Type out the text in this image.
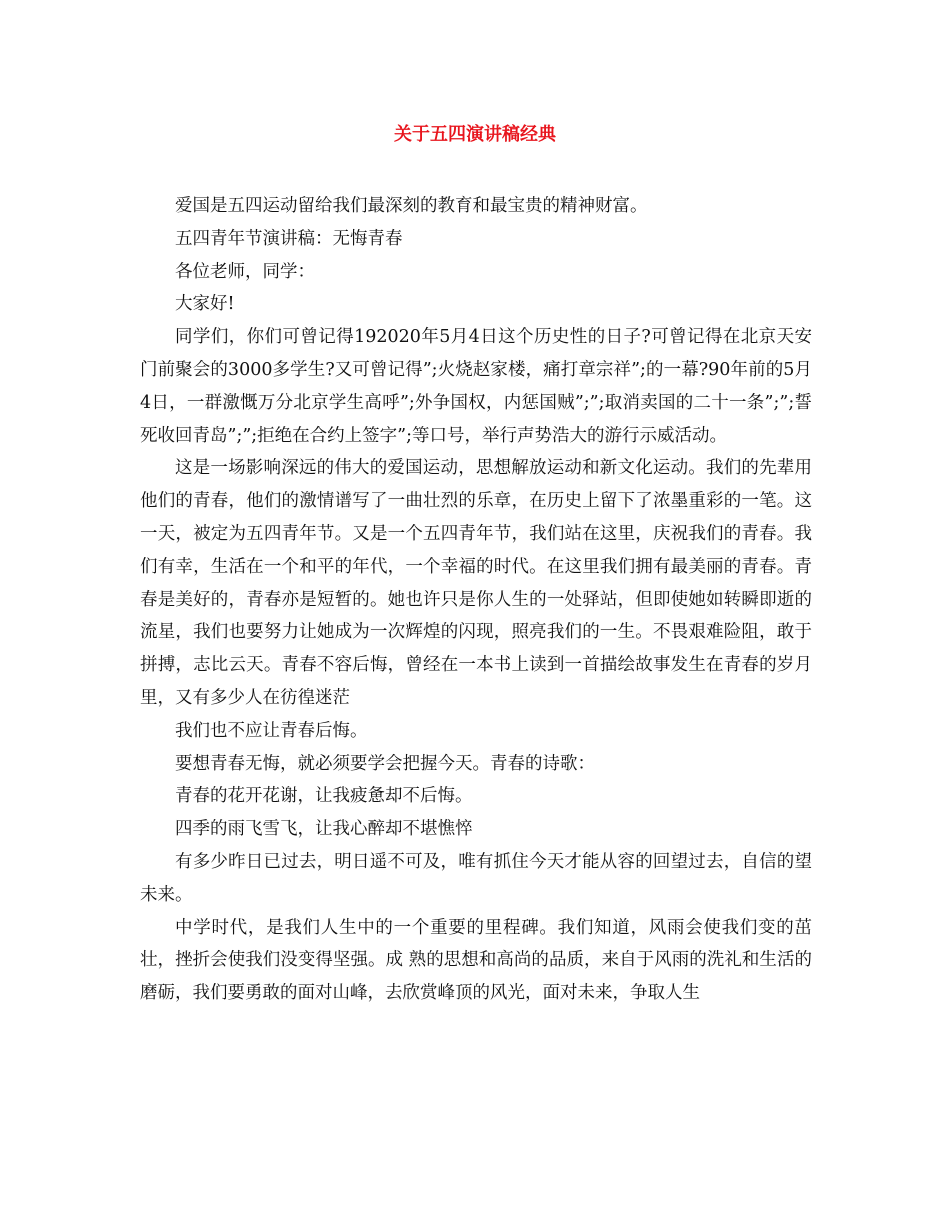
关于五四演讲稿经典

爱国是五四运动留给我们最深刻的教育和最宝贵的精神财富。

五四青年节演讲稿：无悔青春

各位老师，同学：

大家好!

同学们，你们可曾记得192020年5月4日这个历史性的日子?可曾记得在北京天安门前聚会的3000多学生?又可曾记得”;火烧赵家楼，痛打章宗祥”;的一幕?90年前的5月4日，一群激慨万分北京学生高呼”;外争国权，内惩国贼”;”;取消卖国的二十一条”;”;誓死收回青岛”;”;拒绝在合约上签字”;等口号，举行声势浩大的游行示威活动。

这是一场影响深远的伟大的爱国运动，思想解放运动和新文化运动。我们的先辈用他们的青春，他们的激情谱写了一曲壮烈的乐章，在历史上留下了浓墨重彩的一笔。这一天，被定为五四青年节。又是一个五四青年节，我们站在这里，庆祝我们的青春。我们有幸，生活在一个和平的年代，一个幸福的时代。在这里我们拥有最美丽的青春。青春是美好的，青春亦是短暂的。她也许只是你人生的一处驿站，但即使她如转瞬即逝的流星，我们也要努力让她成为一次辉煌的闪现，照亮我们的一生。不畏艰难险阻，敢于拼搏，志比云天。青春不容后悔，曾经在一本书上读到一首描绘故事发生在青春的岁月里，又有多少人在彷徨迷茫

我们也不应让青春后悔。

要想青春无悔，就必须要学会把握今天。青春的诗歌：

青春的花开花谢，让我疲惫却不后悔。

四季的雨飞雪飞，让我心醉却不堪憔悴

有多少昨日已过去，明日遥不可及，唯有抓住今天才能从容的回望过去，自信的望未来。

中学时代，是我们人生中的一个重要的里程碑。我们知道，风雨会使我们变的茁壮，挫折会使我们没变得坚强。成 熟的思想和高尚的品质，来自于风雨的洗礼和生活的磨砺，我们要勇敢的面对山峰，去欣赏峰顶的风光，面对未来，争取人生
